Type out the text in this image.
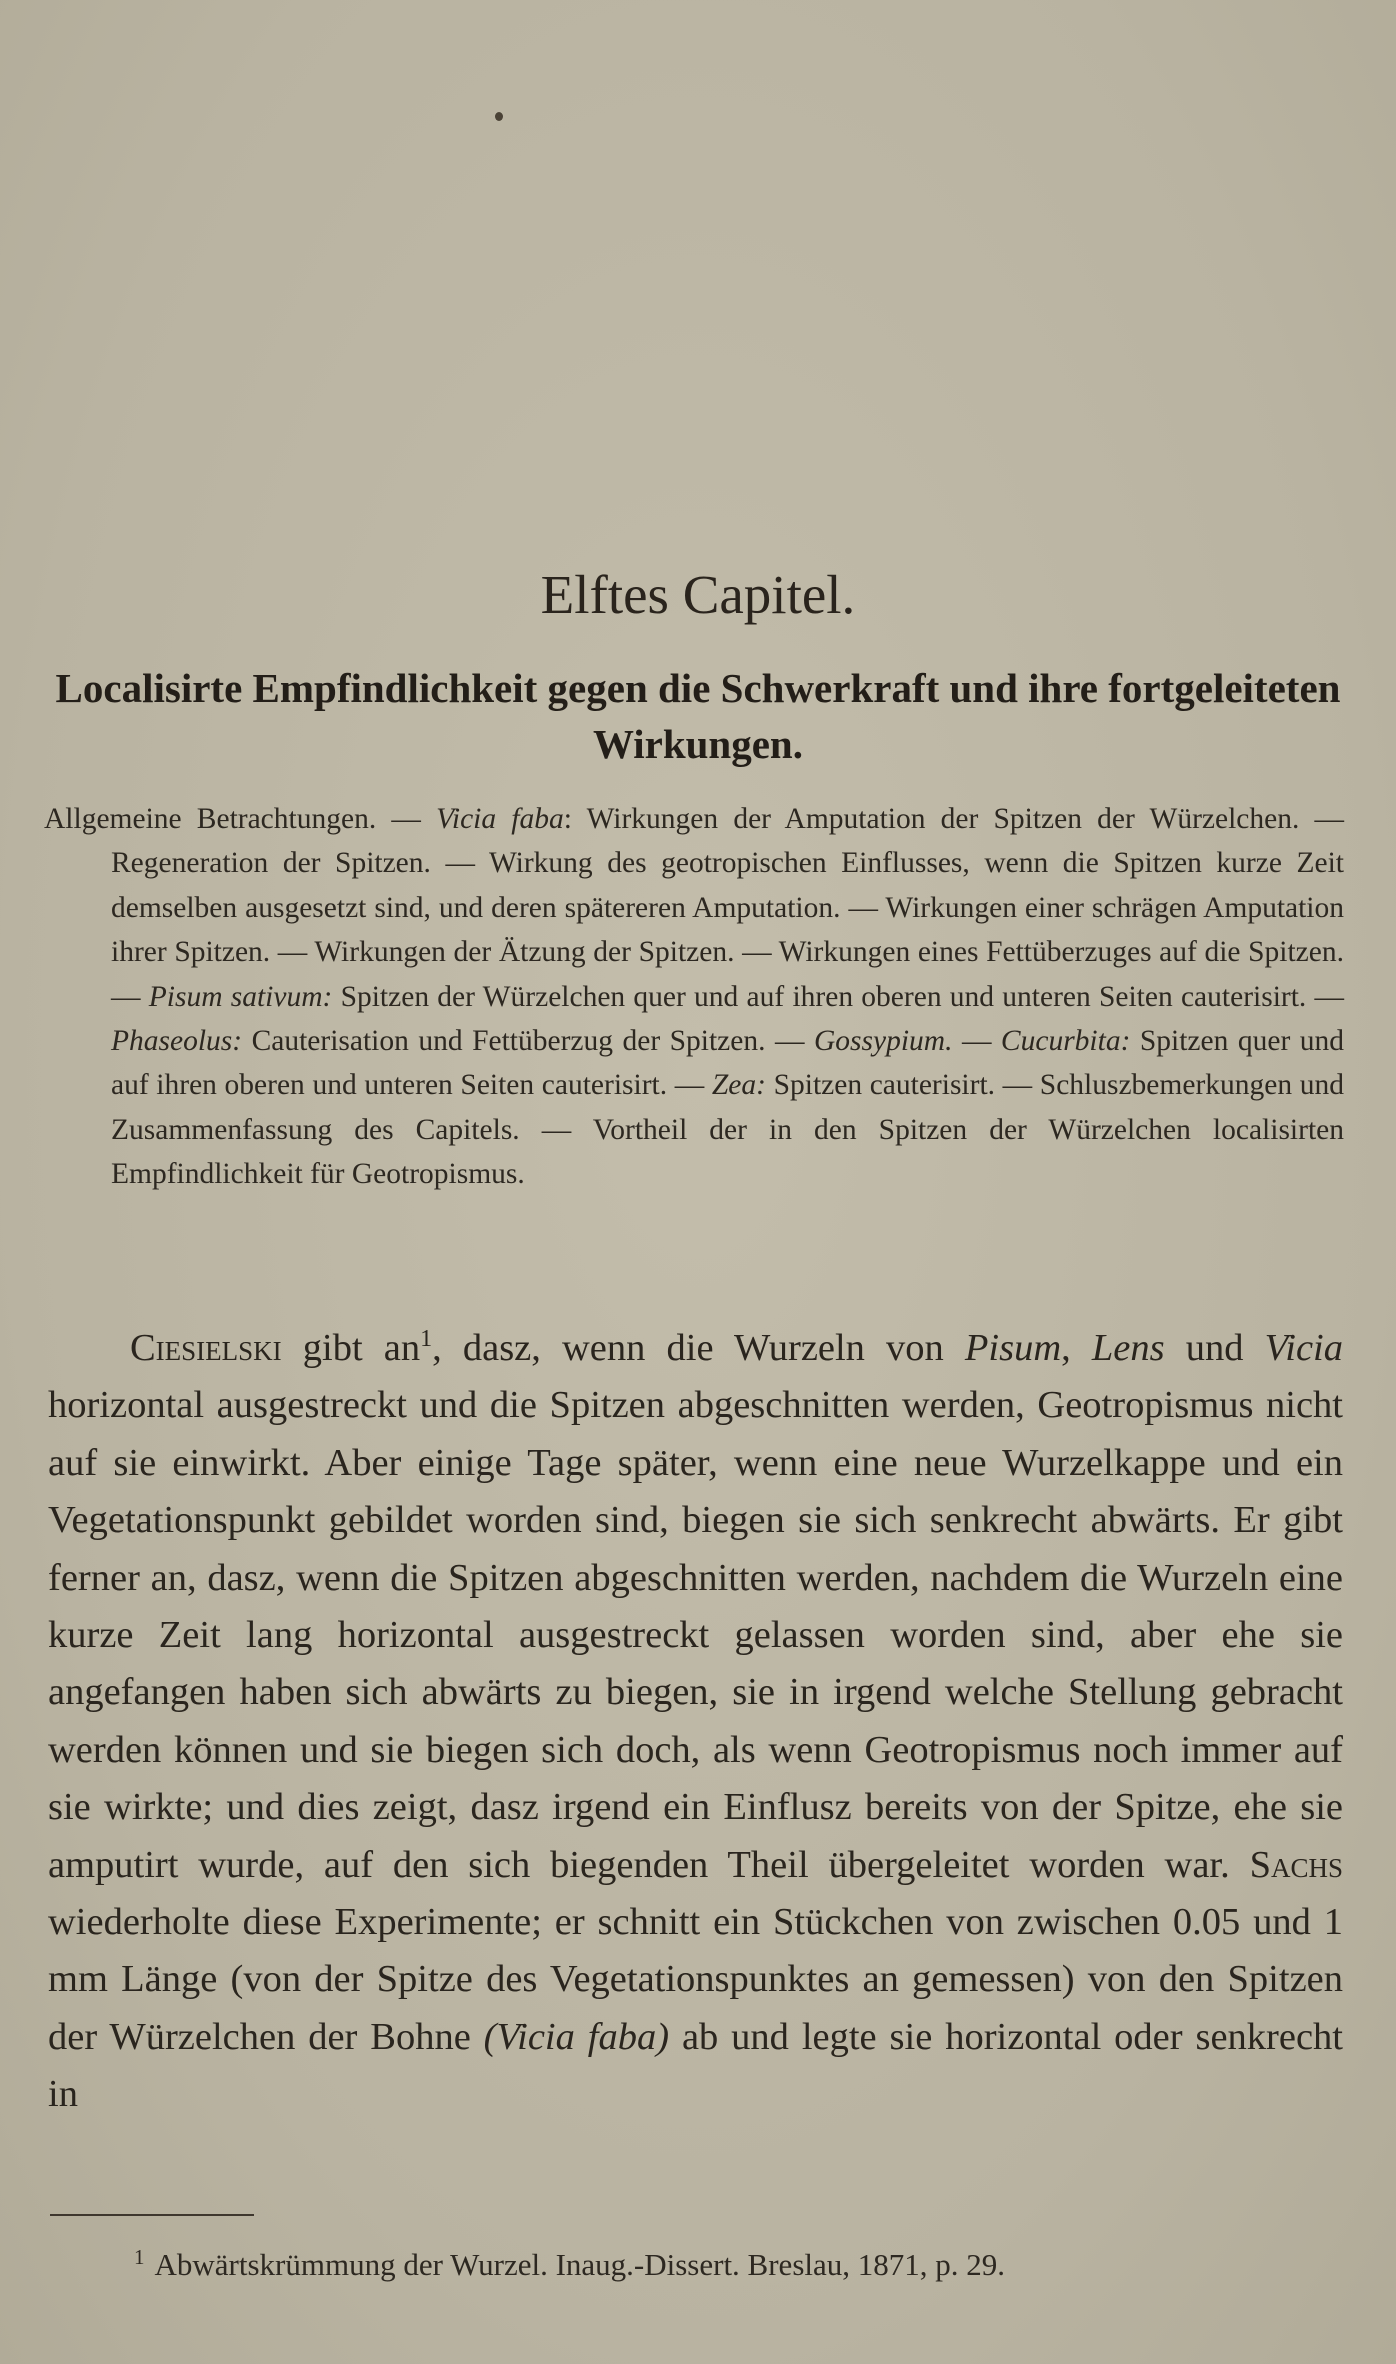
Elftes Capitel.
Localisirte Empfindlichkeit gegen die Schwerkraft und ihre fortgeleiteten Wirkungen.

Allgemeine Betrachtungen. — Vicia faba: Wirkungen der Amputation der Spitzen der Würzelchen. — Regeneration der Spitzen. — Wirkung des geotropischen Einflusses, wenn die Spitzen kurze Zeit demselben ausgesetzt sind, und deren spätereren Amputation. — Wirkungen einer schrägen Amputation ihrer Spitzen. — Wirkungen der Ätzung der Spitzen. — Wirkungen eines Fettüberzuges auf die Spitzen. — Pisum sativum: Spitzen der Würzelchen quer und auf ihren oberen und unteren Seiten cauterisirt. — Phaseolus: Cauterisation und Fettüberzug der Spitzen. — Gossypium. — Cucurbita: Spitzen quer und auf ihren oberen und unteren Seiten cauterisirt. — Zea: Spitzen cauterisirt. — Schluszbemerkungen und Zusammenfassung des Capitels. — Vortheil der in den Spitzen der Würzelchen localisirten Empfindlichkeit für Geotropismus.

Ciesielski gibt an$^1$, dasz, wenn die Wurzeln von Pisum, Lens und Vicia horizontal ausgestreckt und die Spitzen abgeschnitten werden, Geotropismus nicht auf sie einwirkt. Aber einige Tage später, wenn eine neue Wurzelkappe und ein Vegetationspunkt gebildet worden sind, biegen sie sich senkrecht abwärts. Er gibt ferner an, dasz, wenn die Spitzen abgeschnitten werden, nachdem die Wurzeln eine kurze Zeit lang horizontal ausgestreckt gelassen worden sind, aber ehe sie angefangen haben sich abwärts zu biegen, sie in irgend welche Stellung gebracht werden können und sie biegen sich doch, als wenn Geotropismus noch immer auf sie wirkte; und dies zeigt, dasz irgend ein Einflusz bereits von der Spitze, ehe sie amputirt wurde, auf den sich biegenden Theil übergeleitet worden war. Sachs wiederholte diese Experimente; er schnitt ein Stückchen von zwischen 0.05 und 1 mm Länge (von der Spitze des Vegetationspunktes an gemessen) von den Spitzen der Würzelchen der Bohne (Vicia faba) ab und legte sie horizontal oder senkrecht in

$^1$ Abwärtskrümmung der Wurzel. Inaug.-Dissert. Breslau, 1871, p. 29.
